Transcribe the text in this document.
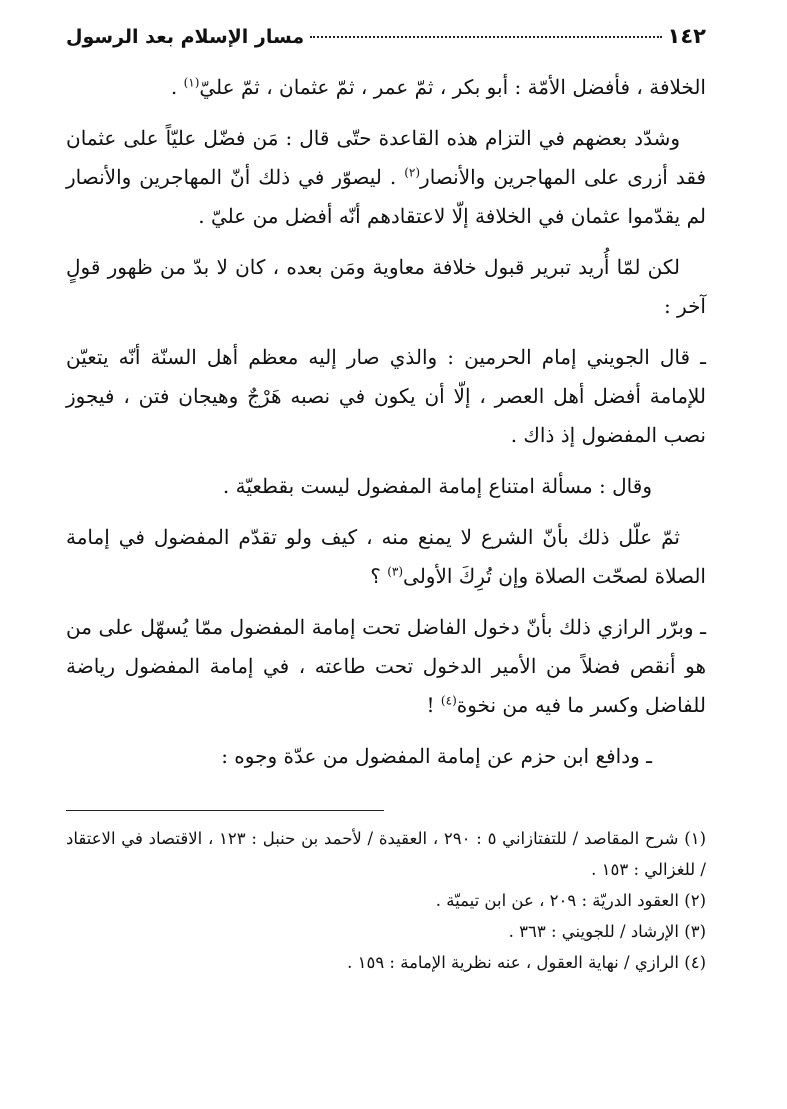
١٤٢
مسار الإسلام بعد الرسول

الخلافة ، فأفضل الأمّة : أبو بكر ، ثمّ عمر ، ثمّ عثمان ، ثمّ عليّ$^{(١)}$ .

وشدّد بعضهم في التزام هذه القاعدة حتّى قال : مَن فضّل عليّاً على عثمان فقد أزرى على المهاجرين والأنصار$^{(٢)}$ . ليصوّر في ذلك أنّ المهاجرين والأنصار لم يقدّموا عثمان في الخلافة إلّا لاعتقادهم أنّه أفضل من عليّ .

لكن لمّا أُريد تبرير قبول خلافة معاوية ومَن بعده ، كان لا بدّ من ظهور قولٍ آخر :

ـ قال الجويني إمام الحرمين : والذي صار إليه معظم أهل السنّة أنّه يتعيّن للإمامة أفضل أهل العصر ، إلّا أن يكون في نصبه هَرْجٌ وهيجان فتن ، فيجوز نصب المفضول إذ ذاك .

وقال : مسألة امتناع إمامة المفضول ليست بقطعيّة .

ثمّ علّل ذلك بأنّ الشرع لا يمنع منه ، كيف ولو تقدّم المفضول في إمامة الصلاة لصحّت الصلاة وإن تُرِكَ الأولى$^{(٣)}$ ؟

ـ وبرّر الرازي ذلك بأنّ دخول الفاضل تحت إمامة المفضول ممّا يُسهّل على من هو أنقص فضلاً من الأمير الدخول تحت طاعته ، في إمامة المفضول رياضة للفاضل وكسر ما فيه من نخوة$^{(٤)}$ !

ـ ودافع ابن حزم عن إمامة المفضول من عدّة وجوه :

(١) شرح المقاصد / للتفتازاني ٥ : ٢٩٠ ، العقيدة / لأحمد بن حنبل : ١٢٣ ، الاقتصاد في الاعتقاد / للغزالي : ١٥٣ .

(٢) العقود الدريّة : ٢٠٩ ، عن ابن تيميّة .

(٣) الإرشاد / للجويني : ٣٦٣ .

(٤) الرازي / نهاية العقول ، عنه نظرية الإمامة : ١٥٩ .
